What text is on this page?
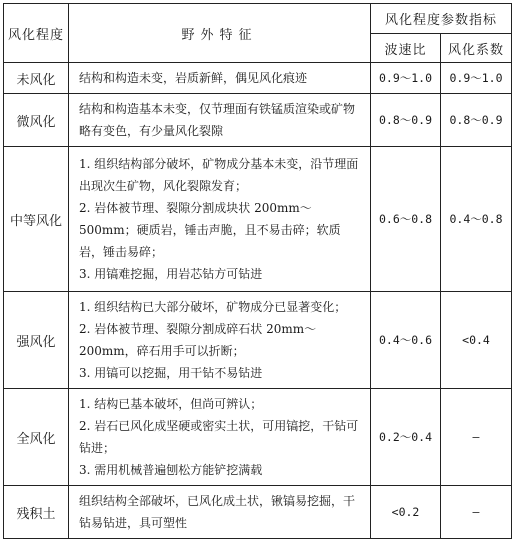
风化程度	野外特征	风化程度参数指标	
		波速比	风化系数
未风化	结构和构造未变，岩质新鲜，偶见风化痕迹	0.9～1.0	0.9～1.0
微风化	结构和构造基本未变，仅节理面有铁锰质渲染或矿物略有变色，有少量风化裂隙	0.8～0.9	0.8～0.9
中等风化	1. 组织结构部分破坏，矿物成分基本未变，沿节理面出现次生矿物，风化裂隙发育；

2. 岩体被节理、裂隙分割成块状 200mm～500mm；硬质岩，锤击声脆，且不易击碎；软质岩，锤击易碎；

3. 用镐难挖掘，用岩芯钻方可钻进	0.6～0.8	0.4～0.8
强风化	1. 组织结构已大部分破坏，矿物成分已显著变化；

2. 岩体被节理、裂隙分割成碎石状 20mm～200mm，碎石用手可以折断；

3. 用镐可以挖掘，用干钻不易钻进	0.4～0.6	<0.4
全风化	1. 结构已基本破坏，但尚可辨认；

2. 岩石已风化成坚硬或密实土状，可用镐挖，干钻可钻进；

3. 需用机械普遍刨松方能铲挖满载	0.2～0.4	—
残积土	组织结构全部破坏，已风化成土状，锹镐易挖掘，干钻易钻进，具可塑性	<0.2	—
